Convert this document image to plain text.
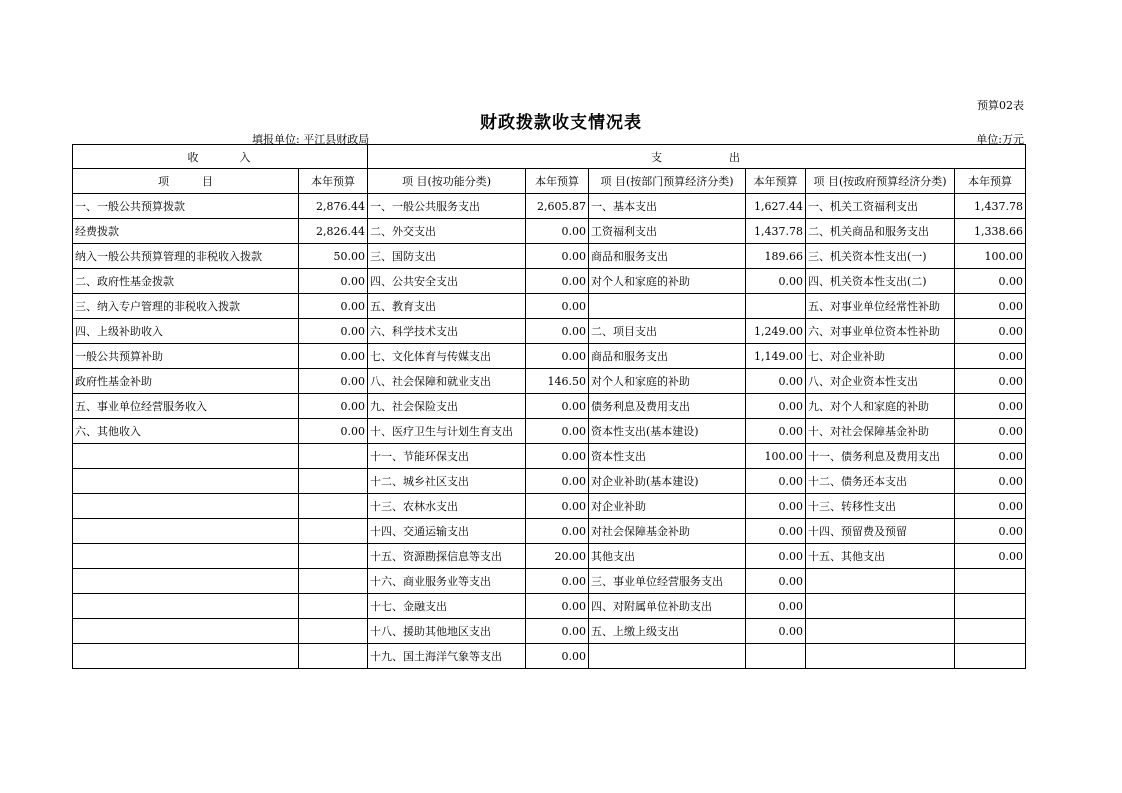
预算02表
财政拨款收支情况表
填报单位: 平江县财政局	单位:万元
收　　　入		支　　　　　出					
项　　　目	本年预算	项 目(按功能分类)	本年预算	项 目(按部门预算经济分类)	本年预算	项 目(按政府预算经济分类)	本年预算
一、一般公共预算拨款	2,876.44	一、一般公共服务支出	2,605.87	一、基本支出	1,627.44	一、机关工资福利支出	1,437.78
经费拨款	2,826.44	二、外交支出	0.00	工资福利支出	1,437.78	二、机关商品和服务支出	1,338.66
纳入一般公共预算管理的非税收入拨款	50.00	三、国防支出	0.00	商品和服务支出	189.66	三、机关资本性支出(一)	100.00
二、政府性基金拨款	0.00	四、公共安全支出	0.00	对个人和家庭的补助	0.00	四、机关资本性支出(二)	0.00
三、纳入专户管理的非税收入拨款	0.00	五、教育支出	0.00			五、对事业单位经常性补助	0.00
四、上级补助收入	0.00	六、科学技术支出	0.00	二、项目支出	1,249.00	六、对事业单位资本性补助	0.00
一般公共预算补助	0.00	七、文化体育与传媒支出	0.00	商品和服务支出	1,149.00	七、对企业补助	0.00
政府性基金补助	0.00	八、社会保障和就业支出	146.50	对个人和家庭的补助	0.00	八、对企业资本性支出	0.00
五、事业单位经营服务收入	0.00	九、社会保险支出	0.00	债务利息及费用支出	0.00	九、对个人和家庭的补助	0.00
六、其他收入	0.00	十、医疗卫生与计划生育支出	0.00	资本性支出(基本建设)	0.00	十、对社会保障基金补助	0.00
		十一、节能环保支出	0.00	资本性支出	100.00	十一、债务利息及费用支出	0.00
		十二、城乡社区支出	0.00	对企业补助(基本建设)	0.00	十二、债务还本支出	0.00
		十三、农林水支出	0.00	对企业补助	0.00	十三、转移性支出	0.00
		十四、交通运输支出	0.00	对社会保障基金补助	0.00	十四、预留费及预留	0.00
		十五、资源勘探信息等支出	20.00	其他支出	0.00	十五、其他支出	0.00
		十六、商业服务业等支出	0.00	三、事业单位经营服务支出	0.00		
		十七、金融支出	0.00	四、对附属单位补助支出	0.00		
		十八、援助其他地区支出	0.00	五、上缴上级支出	0.00		
		十九、国土海洋气象等支出	0.00				
